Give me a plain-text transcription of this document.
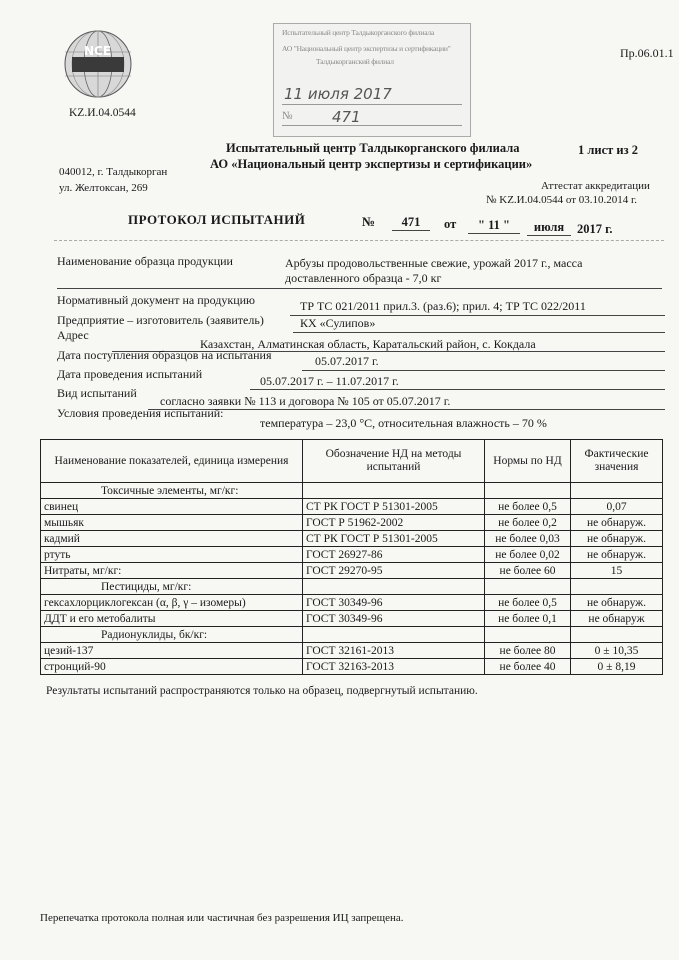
NCE
KZ.И.04.0544
Испытательный центр Талдыкорганского филиала
АО "Национальный центр экспертизы и сертификации"
Талдыкорганский филиал
11 июля 2017
№	471
Пр.06.01.1
Испытательный центр Талдыкорганского филиала	1 лист из 2
АО «Национальный центр экспертизы и сертификации»
040012, г. Талдыкорган
ул. Желтоксан, 269	Аттестат аккредитации
№ KZ.И.04.0544 от 03.10.2014 г.
ПРОТОКОЛ ИСПЫТАНИЙ	№	471	от	" 11 "	июля	2017 г.
Наименование образца продукции	Арбузы продовольственные свежие, урожай 2017 г., масса
доставленного образца - 7,0 кг
Нормативный документ на продукцию	ТР ТС 021/2011 прил.3. (раз.6); прил. 4; ТР ТС 022/2011
Предприятие – изготовитель (заявитель)	КХ «Сулипов»
Адрес
Казахстан, Алматинская область, Каратальский район, с. Кокдала
Дата поступления образцов на испытания	05.07.2017 г.
Дата проведения испытаний	05.07.2017 г. – 11.07.2017 г.
Вид испытаний
согласно заявки № 113 и договора № 105 от 05.07.2017 г.
Условия проведения испытаний:
температура – 23,0 °С, относительная влажность – 70 %
Наименование показателей, единица измерения	Обозначение НД на методы испытаний	Нормы по НД	Фактические значения
Токсичные элементы, мг/кг:			
свинец	СТ РК ГОСТ Р 51301-2005	не более 0,5	0,07
мышьяк	ГОСТ Р 51962-2002	не более 0,2	не обнаруж.
кадмий	СТ РК ГОСТ Р 51301-2005	не более 0,03	не обнаруж.
ртуть	ГОСТ 26927-86	не более 0,02	не обнаруж.
Нитраты, мг/кг:	ГОСТ 29270-95	не более 60	15
Пестициды, мг/кг:			
гексахлорциклогексан (α, β, γ – изомеры)	ГОСТ 30349-96	не более 0,5	не обнаруж.
ДДТ и его метобалиты	ГОСТ 30349-96	не более 0,1	не обнаруж
Радионуклиды, бк/кг:			
цезий-137	ГОСТ 32161-2013	не более 80	0 ± 10,35
стронций-90	ГОСТ 32163-2013	не более 40	0 ± 8,19
Результаты испытаний распространяются только на образец, подвергнутый испытанию.
Перепечатка протокола полная или частичная без разрешения ИЦ запрещена.
